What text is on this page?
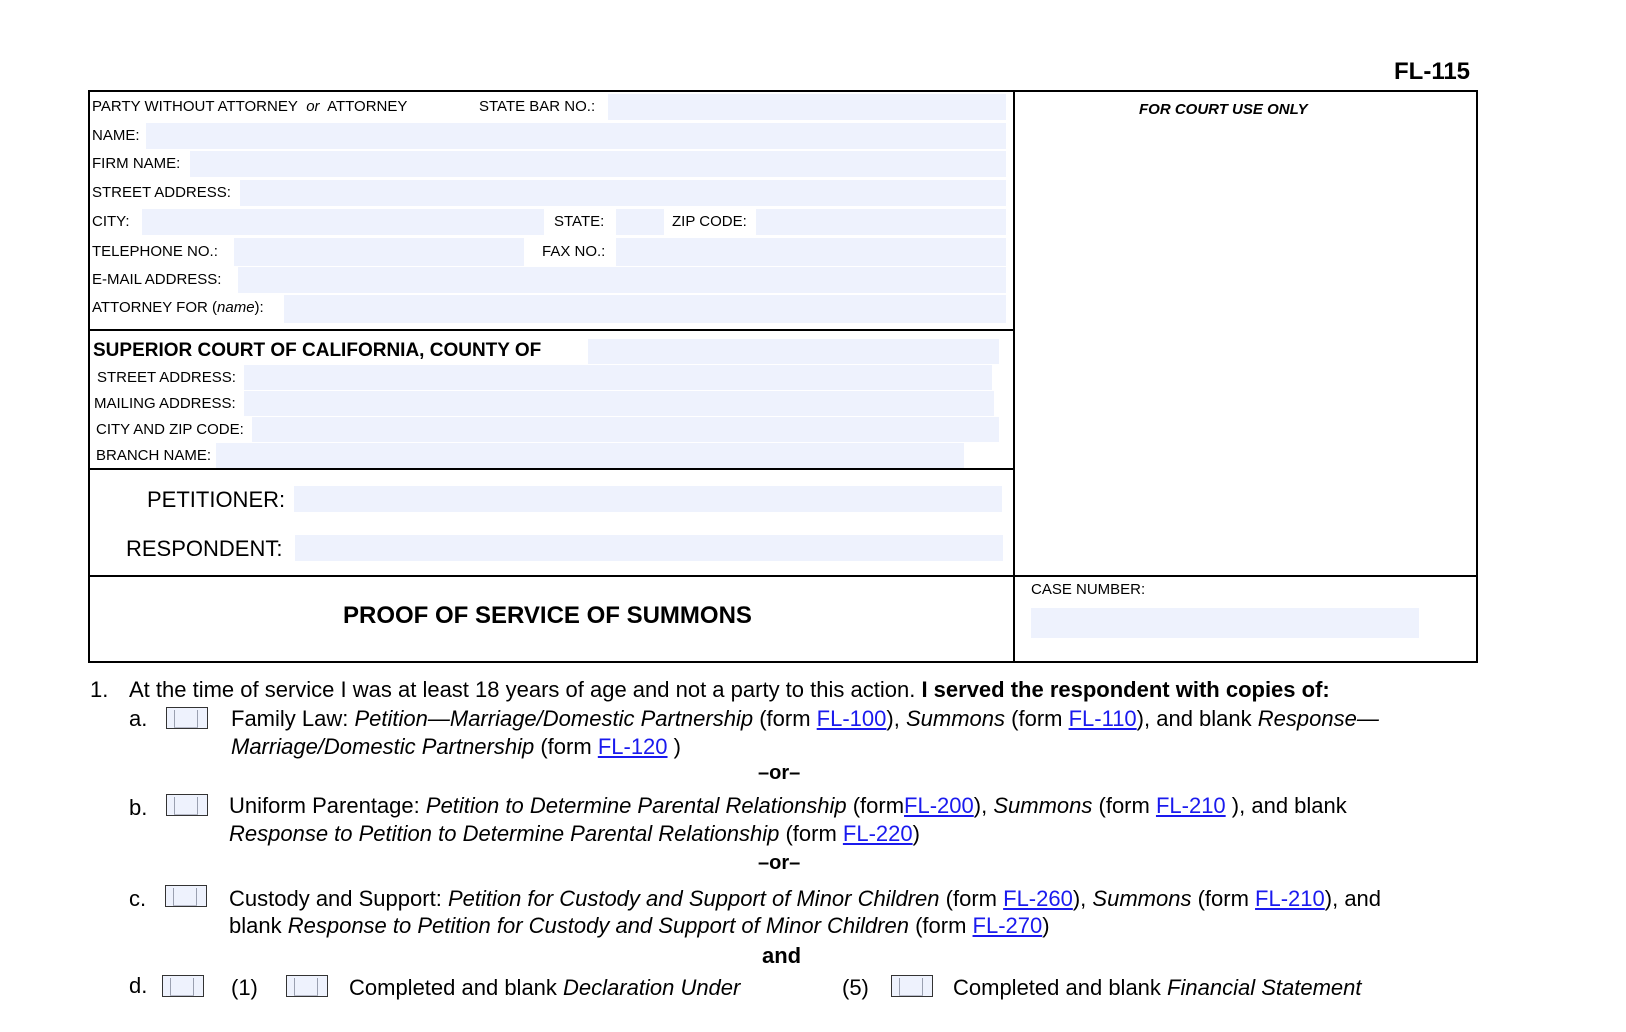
FL-115
FOR COURT USE ONLY
PARTY WITHOUT ATTORNEY or ATTORNEY	STATE BAR NO.:
NAME:
FIRM NAME:
STREET ADDRESS:
CITY:	STATE:	ZIP CODE:
TELEPHONE NO.:	FAX NO.:
E-MAIL ADDRESS:
ATTORNEY FOR (name):
SUPERIOR COURT OF CALIFORNIA, COUNTY OF
STREET ADDRESS:
MAILING ADDRESS:
CITY AND ZIP CODE:
BRANCH NAME:
PETITIONER:
RESPONDENT:
PROOF OF SERVICE OF SUMMONS
CASE NUMBER:
1. At the time of service I was at least 18 years of age and not a party to this action. I served the respondent with copies of:
a.	Family Law: Petition—Marriage/Domestic Partnership (form FL-100), Summons (form FL-110), and blank Response—
Marriage/Domestic Partnership (form FL-120 )
–or–
b.	Uniform Parentage: Petition to Determine Parental Relationship (formFL-200), Summons (form FL-210 ), and blank
Response to Petition to Determine Parental Relationship (form FL-220)
–or–
c.	Custody and Support: Petition for Custody and Support of Minor Children (form FL-260), Summons (form FL-210), and
blank Response to Petition for Custody and Support of Minor Children (form FL-270)
and
d.	(1)	Completed and blank Declaration Under	(5)	Completed and blank Financial Statement
